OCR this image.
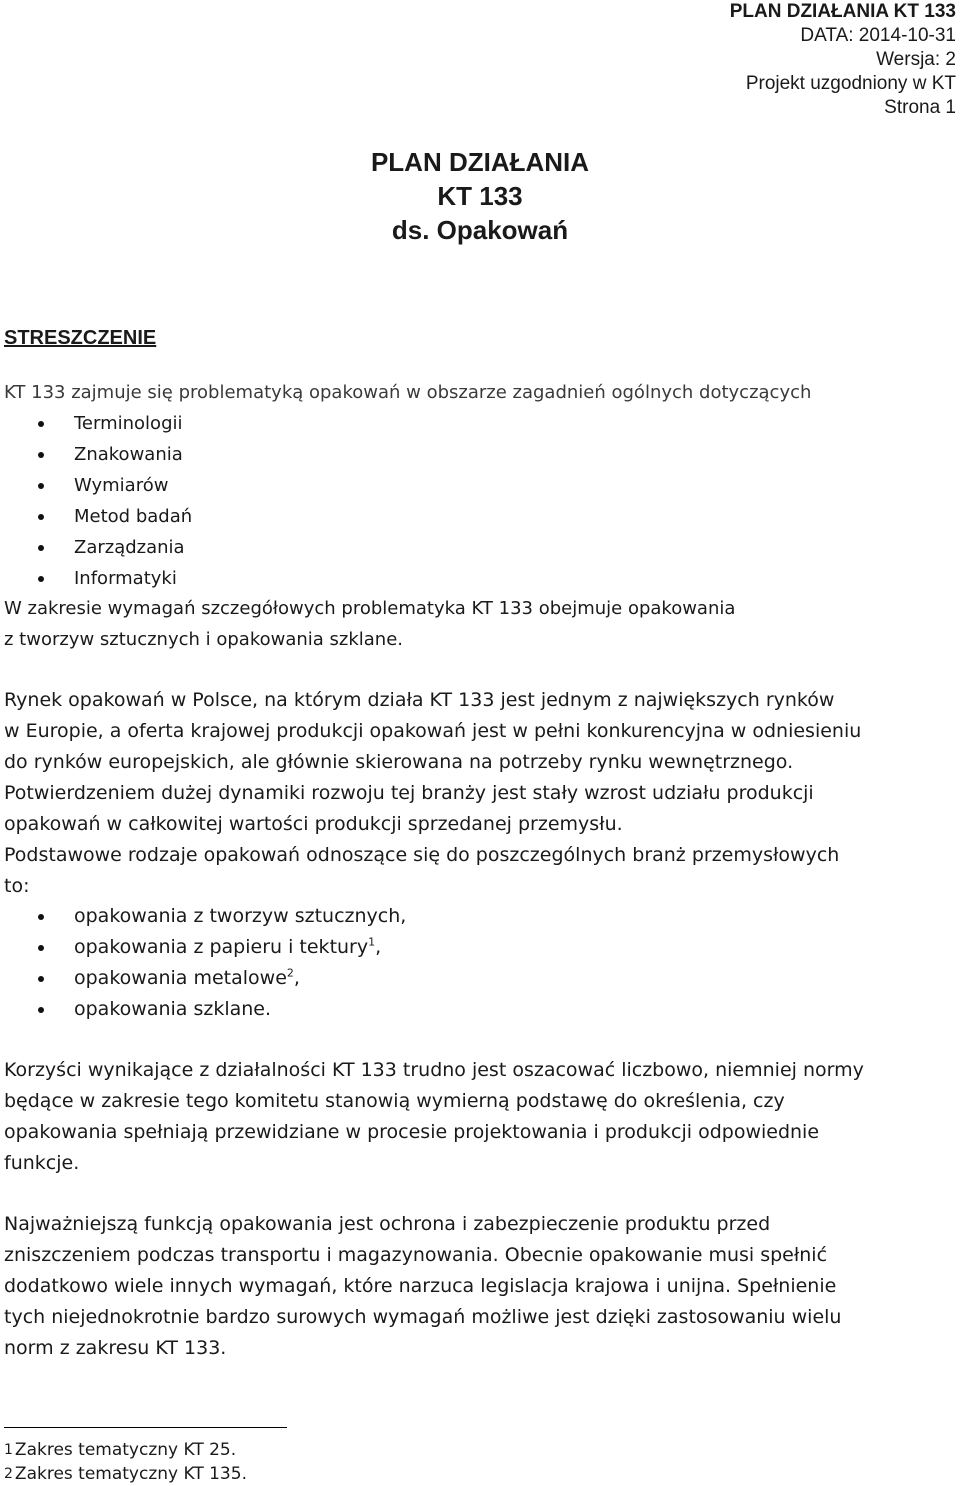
PLAN DZIAŁANIA KT 133
DATA: 2014-10-31
Wersja: 2
Projekt uzgodniony w KT
Strona 1
PLAN DZIAŁANIA
KT 133
ds. Opakowań
STRESZCZENIE
KT 133 zajmuje się problematyką opakowań w obszarze zagadnień ogólnych dotyczących
Terminologii
Znakowania
Wymiarów
Metod badań
Zarządzania
Informatyki
W zakresie wymagań szczegółowych problematyka KT 133 obejmuje opakowania
z tworzyw sztucznych i opakowania szklane.
Rynek opakowań w Polsce, na którym działa KT 133 jest jednym z największych rynków
w Europie, a oferta krajowej produkcji opakowań jest w pełni konkurencyjna w odniesieniu
do rynków europejskich, ale głównie skierowana na potrzeby rynku wewnętrznego.
Potwierdzeniem dużej dynamiki rozwoju tej branży jest stały wzrost udziału produkcji
opakowań w całkowitej wartości produkcji sprzedanej przemysłu.
Podstawowe rodzaje opakowań odnoszące się do poszczególnych branż przemysłowych
to:
opakowania z tworzyw sztucznych,
opakowania z papieru i tektury$^1$,
opakowania metalowe$^2$,
opakowania szklane.
Korzyści wynikające z działalności KT 133 trudno jest oszacować liczbowo, niemniej normy
będące w zakresie tego komitetu stanowią wymierną podstawę do określenia, czy
opakowania spełniają przewidziane w procesie projektowania i produkcji odpowiednie
funkcje.
Najważniejszą funkcją opakowania jest ochrona i zabezpieczenie produktu przed
zniszczeniem podczas transportu i magazynowania. Obecnie opakowanie musi spełnić
dodatkowo wiele innych wymagań, które narzuca legislacja krajowa i unijna. Spełnienie
tych niejednokrotnie bardzo surowych wymagań możliwe jest dzięki zastosowaniu wielu
norm z zakresu KT 133.
1 Zakres tematyczny KT 25.
2 Zakres tematyczny KT 135.
